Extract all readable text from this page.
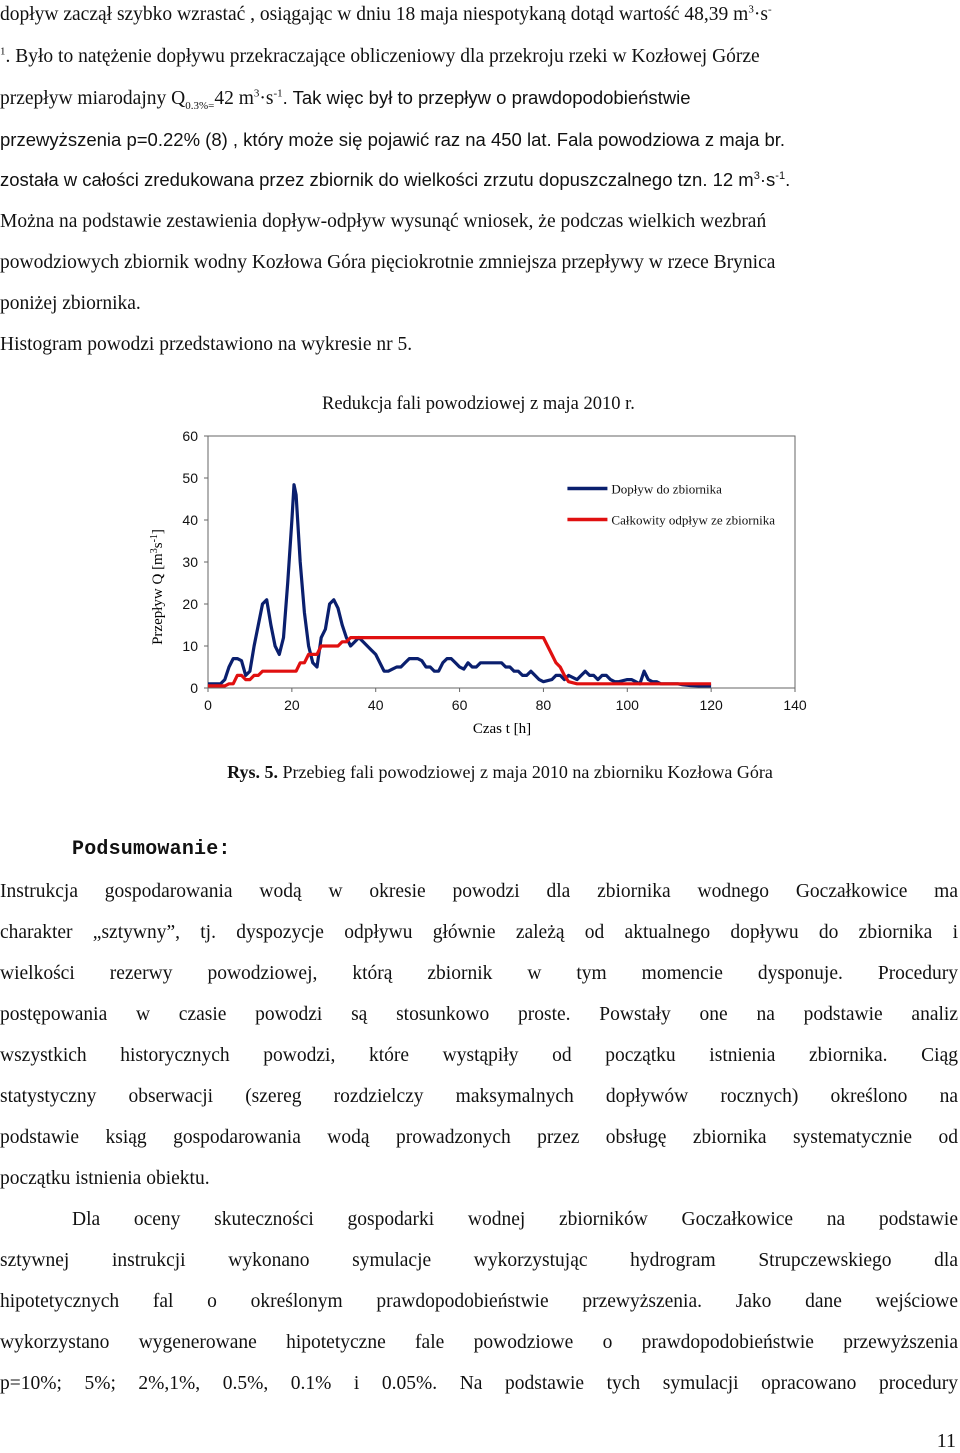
dopływ zaczął szybko wzrastać , osiągając w dniu 18 maja niespotykaną dotąd wartość 48,39 $m^3\cdot s^-$
$^1$. Było to natężenie dopływu przekraczające obliczeniowy dla przekroju rzeki w Kozłowej Górze
przepływ miarodajny $Q_{0.3\%=}42$ $m^3\cdot s^{-1}$. Tak więc był to przepływ o prawdopodobieństwie
przewyższenia p=0.22% (8) , który może się pojawić raz na 450 lat. Fala powodziowa z maja br.
została w całości zredukowana przez zbiornik do wielkości zrzutu dopuszczalnego tzn. 12 $m^3\cdot s^{-1}$.
Można na podstawie zestawienia dopływ-odpływ wysunąć wniosek, że podczas wielkich wezbrań
powodziowych zbiornik wodny Kozłowa Góra pięciokrotnie zmniejsza przepływy w rzece Brynica
poniżej zbiornika.
Histogram powodzi przedstawiono na wykresie nr 5.
Redukcja fali powodziowej z maja 2010 r.
0	20	40	60	80	100	120	140
0
10
20
30
40
50
60
Dopływ do zbiornika
Całkowity odpływ ze zbiornika
Czas t [h]
Przepływ Q $[m^3s^{-1}]$
Rys. 5. Przebieg fali powodziowej z maja 2010 na zbiorniku Kozłowa Góra
Podsumowanie:
Instrukcja gospodarowania wodą w okresie powodzi dla zbiornika wodnego Goczałkowice ma
charakter „sztywny”, tj. dyspozycje odpływu głównie zależą od aktualnego dopływu do zbiornika i
wielkości rezerwy powodziowej, którą zbiornik w tym momencie dysponuje. Procedury
postępowania w czasie powodzi są stosunkowo proste. Powstały one na podstawie analiz
wszystkich historycznych powodzi, które wystąpiły od początku istnienia zbiornika. Ciąg
statystyczny obserwacji (szereg rozdzielczy maksymalnych dopływów rocznych) określono na
podstawie ksiąg gospodarowania wodą prowadzonych przez obsługę zbiornika systematycznie od
początku istnienia obiektu.
Dla oceny skuteczności gospodarki wodnej zbiorników Goczałkowice na podstawie
sztywnej instrukcji wykonano symulacje wykorzystując hydrogram Strupczewskiego dla
hipotetycznych fal o określonym prawdopodobieństwie przewyższenia. Jako dane wejściowe
wykorzystano wygenerowane hipotetyczne fale powodziowe o prawdopodobieństwie przewyższenia
p=10%; 5%; 2%,1%, 0.5%, 0.1% i 0.05%. Na podstawie tych symulacji opracowano procedury
11
